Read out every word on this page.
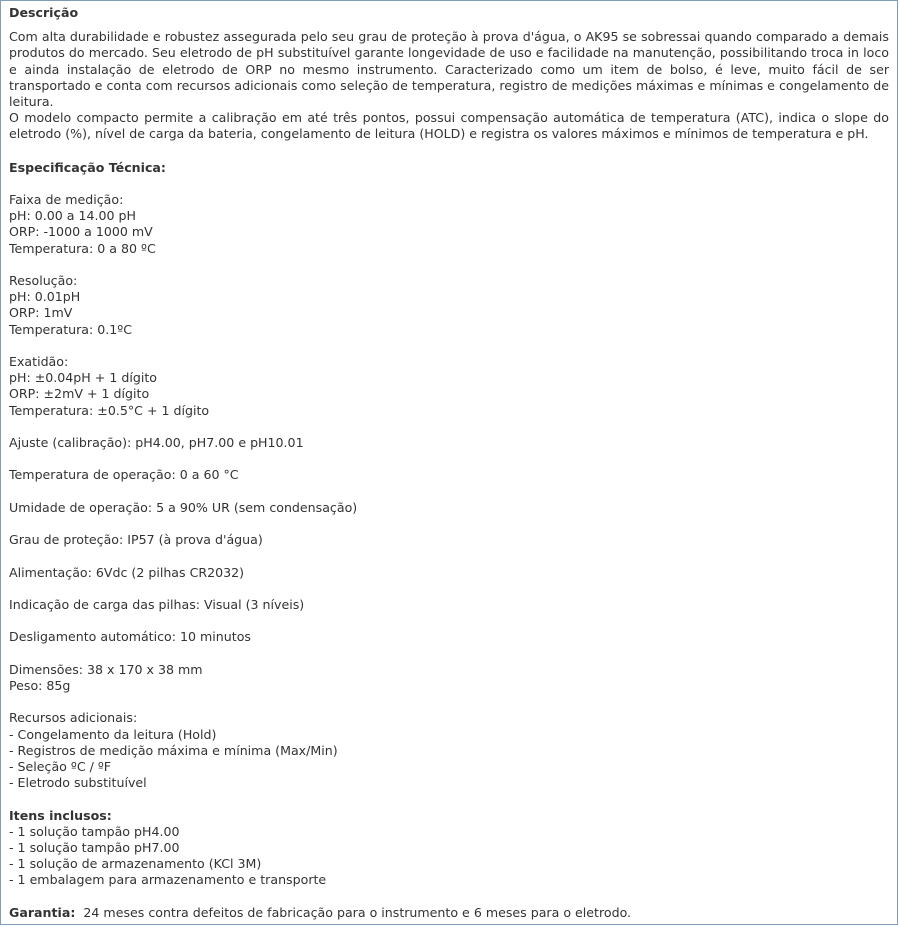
Descrição

Com alta durabilidade e robustez assegurada pelo seu grau de proteção à prova d'água, o AK95 se sobressai quando comparado a demais produtos do mercado. Seu eletrodo de pH substituível garante longevidade de uso e facilidade na manutenção, possibilitando troca in loco e ainda instalação de eletrodo de ORP no mesmo instrumento. Caracterizado como um item de bolso, é leve, muito fácil de ser transportado e conta com recursos adicionais como seleção de temperatura, registro de medições máximas e mínimas e congelamento de leitura.

O modelo compacto permite a calibração em até três pontos, possui compensação automática de temperatura (ATC), indica o slope do eletrodo (%), nível de carga da bateria, congelamento de leitura (HOLD) e registra os valores máximos e mínimos de temperatura e pH.

Especificação Técnica:

Faixa de medição:

pH: 0.00 a 14.00 pH

ORP: -1000 a 1000 mV

Temperatura: 0 a 80 ºC

Resolução:

pH: 0.01pH

ORP: 1mV

Temperatura: 0.1ºC

Exatidão:

pH: ±0.04pH + 1 dígito

ORP: ±2mV + 1 dígito

Temperatura: ±0.5°C + 1 dígito

Ajuste (calibração): pH4.00, pH7.00 e pH10.01

Temperatura de operação: 0 a 60 °C

Umidade de operação: 5 a 90% UR (sem condensação)

Grau de proteção: IP57 (à prova d'água)

Alimentação: 6Vdc (2 pilhas CR2032)

Indicação de carga das pilhas: Visual (3 níveis)

Desligamento automático: 10 minutos

Dimensões: 38 x 170 x 38 mm

Peso: 85g

Recursos adicionais:

- Congelamento da leitura (Hold)

- Registros de medição máxima e mínima (Max/Min)

- Seleção ºC / ºF

- Eletrodo substituível

Itens inclusos:

- 1 solução tampão pH4.00

- 1 solução tampão pH7.00

- 1 solução de armazenamento (KCl 3M)

- 1 embalagem para armazenamento e transporte

Garantia: 24 meses contra defeitos de fabricação para o instrumento e 6 meses para o eletrodo.
